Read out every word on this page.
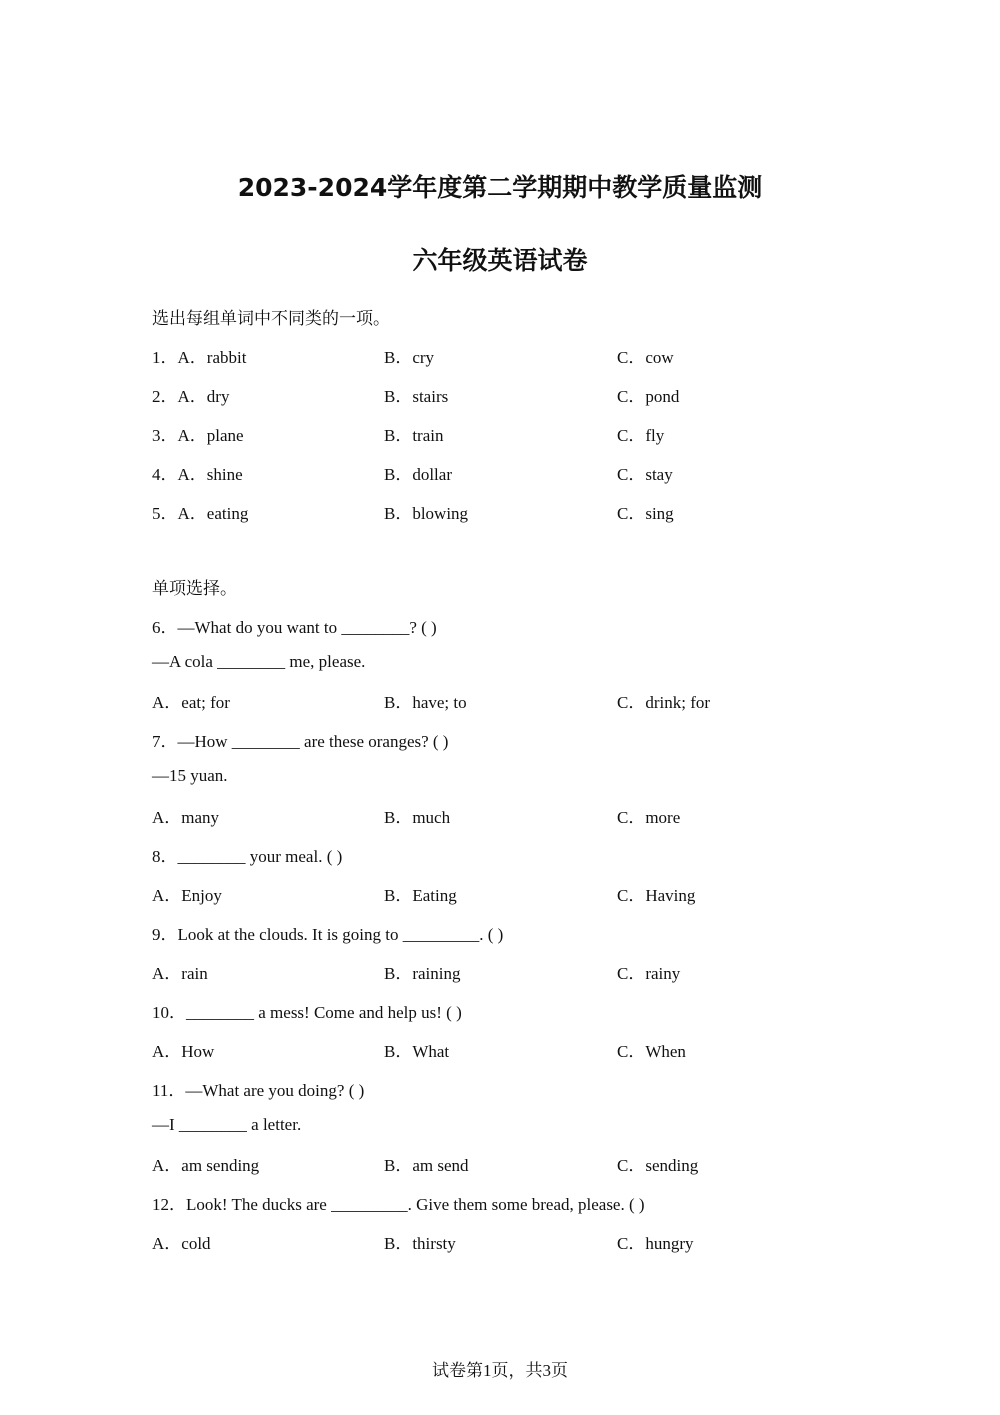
2023-2024学年度第二学期期中教学质量监测
六年级英语试卷
选出每组单词中不同类的一项。
1．A．rabbit	B．cry	C．cow
2．A．dry	B．stairs	C．pond
3．A．plane	B．train	C．fly
4．A．shine	B．dollar	C．stay
5．A．eating	B．blowing	C．sing
单项选择。
6．—What do you want to ________? ( )
—A cola ________ me, please.
A．eat; for	B．have; to	C．drink; for
7．—How ________ are these oranges? ( )
—15 yuan.
A．many	B．much	C．more
8．________ your meal. ( )
A．Enjoy	B．Eating	C．Having
9．Look at the clouds. It is going to _________. ( )
A．rain	B．raining	C．rainy
10．________ a mess! Come and help us! ( )
A．How	B．What	C．When
11．—What are you doing? ( )
—I ________ a letter.
A．am sending	B．am send	C．sending
12．Look! The ducks are _________. Give them some bread, please. ( )
A．cold	B．thirsty	C．hungry
试卷第1页，共3页
